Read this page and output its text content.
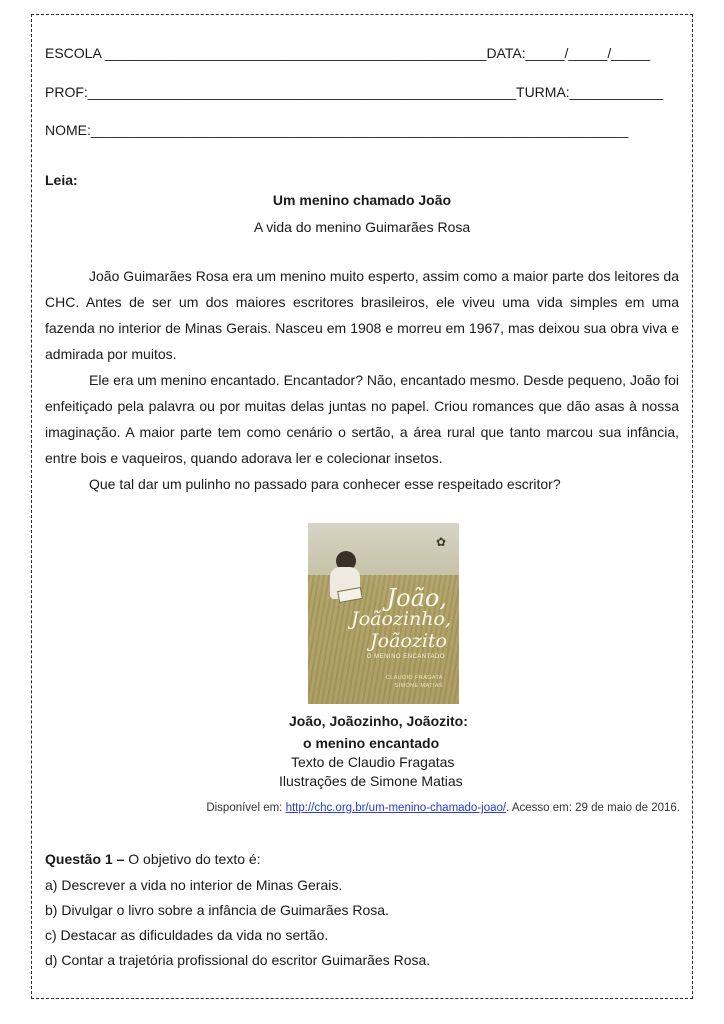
ESCOLA _________________________________________________DATA:_____/_____/_____
PROF:_______________________________________________________TURMA:____________
NOME:_____________________________________________________________________
Leia:
Um menino chamado João
A vida do menino Guimarães Rosa

João Guimarães Rosa era um menino muito esperto, assim como a maior parte dos leitores da CHC. Antes de ser um dos maiores escritores brasileiros, ele viveu uma vida simples em uma fazenda no interior de Minas Gerais. Nasceu em 1908 e morreu em 1967, mas deixou sua obra viva e admirada por muitos.

Ele era um menino encantado. Encantador? Não, encantado mesmo. Desde pequeno, João foi enfeitiçado pela palavra ou por muitas delas juntas no papel. Criou romances que dão asas à nossa imaginação. A maior parte tem como cenário o sertão, a área rural que tanto marcou sua infância, entre bois e vaqueiros, quando adorava ler e colecionar insetos.

Que tal dar um pulinho no passado para conhecer esse respeitado escritor?

✿
João,
Joãozinho,
Joãozito
O MENINO ENCANTADO
CLAUDIO FRAGATA
SIMONE MATIAS
João, Joãozinho, Joãozito:
o menino encantado
Texto de Claudio Fragatas
Ilustrações de Simone Matias
Disponível em: http://chc.org.br/um-menino-chamado-joao/. Acesso em: 29 de maio de 2016.
Questão 1 – O objetivo do texto é:
a) Descrever a vida no interior de Minas Gerais.
b) Divulgar o livro sobre a infância de Guimarães Rosa.
c) Destacar as dificuldades da vida no sertão.
d) Contar a trajetória profissional do escritor Guimarães Rosa.
